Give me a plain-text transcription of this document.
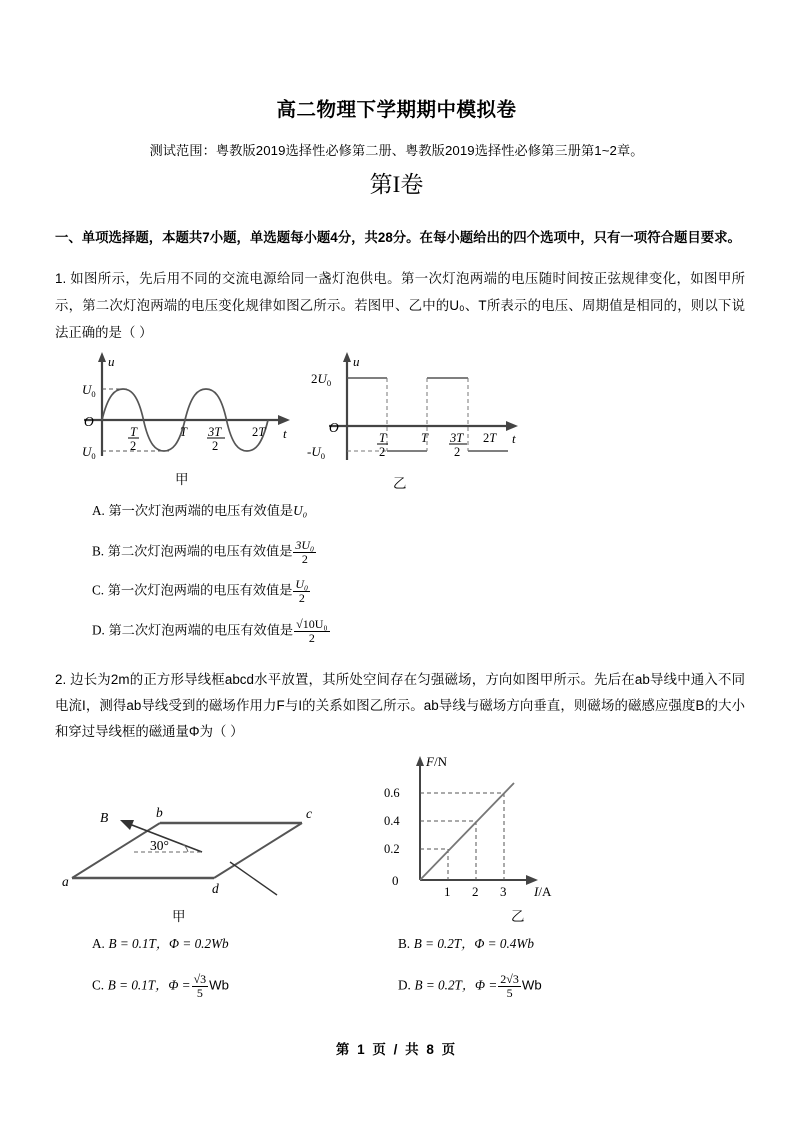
高二物理下学期期中模拟卷
测试范围：粤教版2019选择性必修第二册、粤教版2019选择性必修第三册第1~2章。
第I卷
一、单项选择题，本题共7小题，单选题每小题4分，共28分。在每小题给出的四个选项中，只有一项符合题目要求。
1. 如图所示，先后用不同的交流电源给同一盏灯泡供电。第一次灯泡两端的电压随时间按正弦规律变化，如图甲所示，第二次灯泡两端的电压变化规律如图乙所示。若图甲、乙中的U₀、T所表示的电压、周期值是相同的，则以下说法正确的是（ ）
u
$U_0$
$U_0$
O
t
T
2
T 3T
2
2T
甲
u
$2U_0$
$-U_0$
O
t
T
2
T 3T
2
2T
乙
A. 第一次灯泡两端的电压有效值是U₀
B. 第二次灯泡两端的电压有效值是 $\frac{\text{3U₀}}{2}$
C. 第一次灯泡两端的电压有效值是 $\frac{\text{U₀}}{2}$
D. 第二次灯泡两端的电压有效值是 $\frac{\text{√10U₀}}{2}$
2. 边长为2m的正方形导线框abcd水平放置，其所处空间存在匀强磁场，方向如图甲所示。先后在ab导线中通入不同电流I，测得ab导线受到的磁场作用力F与I的关系如图乙所示。ab导线与磁场方向垂直，则磁场的磁感应强度B的大小和穿过导线框的磁通量Φ为（ ）
a
b	c
d
B
30°
甲
F/N
0
0.2
0.4
0.6
1 2 3 I/A
乙
A. B = 0.1T，Φ = 0.2Wb	B. B = 0.2T，Φ = 0.4Wb
C. B = 0.1T，$\Phi = \frac{√3}{5}$ Wb	D. B = 0.2T，$\Phi = \frac{2√3}{5}$ Wb
第 1 页 / 共 8 页
